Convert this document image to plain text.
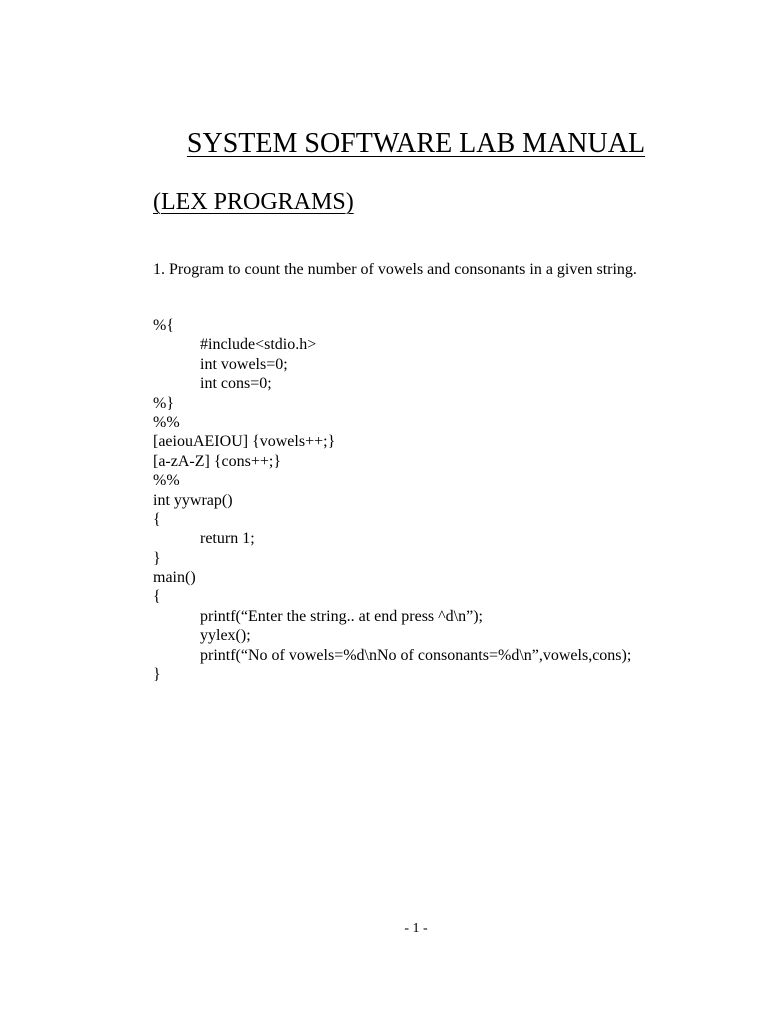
SYSTEM SOFTWARE LAB MANUAL
(LEX PROGRAMS)

1. Program to count the number of vowels and consonants in a given string.

%{
#include<stdio.h>
int vowels=0;
int cons=0;
%}
%%
[aeiouAEIOU] {vowels++;}
[a-zA-Z] {cons++;}
%%
int yywrap()
{
return 1;
}
main()
{
printf(“Enter the string.. at end press ^d\n”);
yylex();
printf(“No of vowels=%d\nNo of consonants=%d\n”,vowels,cons);
}
- 1 -
